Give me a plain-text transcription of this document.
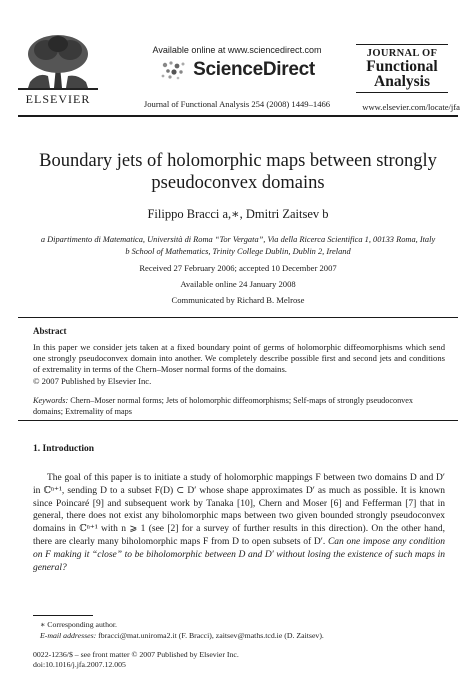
ELSEVIER
Available online at www.sciencedirect.com
ScienceDirect
Journal of Functional Analysis 254 (2008) 1449–1466
JOURNAL OF
Functional
Analysis
www.elsevier.com/locate/jfa
Boundary jets of holomorphic maps between strongly
pseudoconvex domains
Filippo Bracci a,∗, Dmitri Zaitsev b
a Dipartimento di Matematica, Università di Roma “Tor Vergata”, Via della Ricerca Scientifica 1, 00133 Roma, Italy
b School of Mathematics, Trinity College Dublin, Dublin 2, Ireland
Received 27 February 2006; accepted 10 December 2007
Available online 24 January 2008
Communicated by Richard B. Melrose
Abstract
In this paper we consider jets taken at a fixed boundary point of germs of holomorphic diffeomorphisms which send one strongly pseudoconvex domain into another. We completely describe possible first and second jets and conditions of extremality in terms of the Chern–Moser normal forms of the domains.
© 2007 Published by Elsevier Inc.
Keywords: Chern–Moser normal forms; Jets of holomorphic diffeomorphisms; Self-maps of strongly pseudoconvex domains; Extremality of maps
1. Introduction
The goal of this paper is to initiate a study of holomorphic mappings F between two domains D and D′ in ℂⁿ⁺¹, sending D to a subset F(D) ⊂ D′ whose shape approximates D′ as much as possible. It is known since Poincaré [9] and subsequent work by Tanaka [10], Chern and Moser [6] and Fefferman [7] that in general, there does not exist any biholomorphic maps between two given bounded strongly pseudoconvex domains in ℂⁿ⁺¹ with n ⩾ 1 (see [2] for a survey of further results in this direction). On the other hand, there are clearly many biholomorphic maps F from D to open subsets of D′. Can one impose any condition on F making it “close” to be biholomorphic between D and D′ without losing the existence of such maps in general?
∗ Corresponding author.
E-mail addresses: fbracci@mat.uniroma2.it (F. Bracci), zaitsev@maths.tcd.ie (D. Zaitsev).
0022-1236/$ – see front matter © 2007 Published by Elsevier Inc.
doi:10.1016/j.jfa.2007.12.005
